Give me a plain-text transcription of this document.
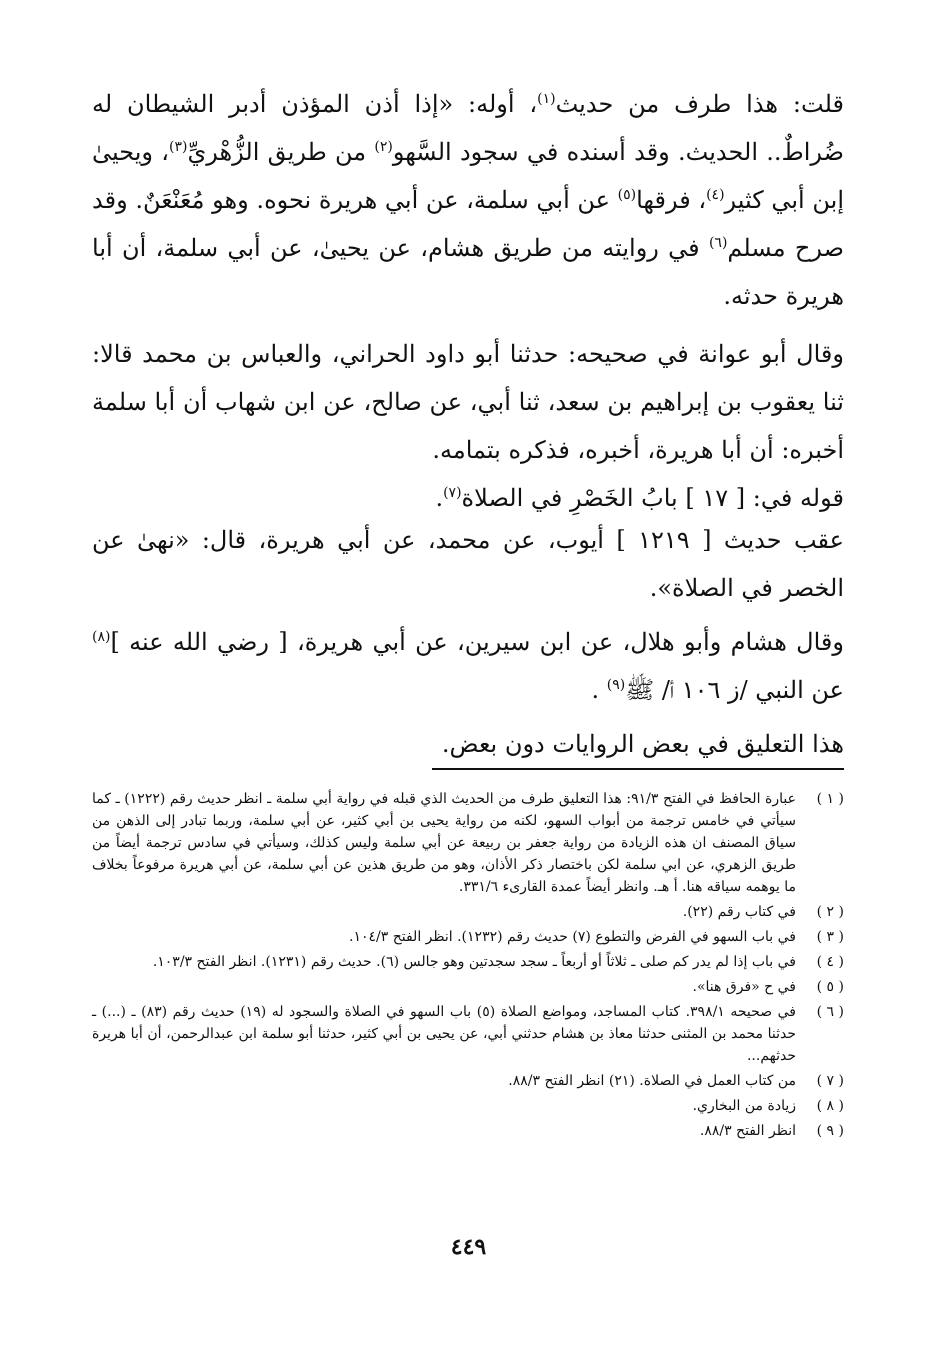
قلت: هذا طرف من حديث$^{(١)}$، أوله: «إذا أذن المؤذن أدبر الشيطان له ضُراطٌ.. الحديث. وقد أسنده في سجود السَّهو$^{(٢)}$ من طريق الزُّهْريِّ$^{(٣)}$، ويحيىٰ إبن أبي كثير$^{(٤)}$، فرقها$^{(٥)}$ عن أبي سلمة، عن أبي هريرة نحوه. وهو مُعَنْعَنٌ. وقد صرح مسلم$^{(٦)}$ في روايته من طريق هشام، عن يحيىٰ، عن أبي سلمة، أن أبا هريرة حدثه.

وقال أبو عوانة في صحيحه: حدثنا أبو داود الحراني، والعباس بن محمد قالا: ثنا يعقوب بن إبراهيم بن سعد، ثنا أبي، عن صالح، عن ابن شهاب أن أبا سلمة أخبره: أن أبا هريرة، أخبره، فذكره بتمامه.

قوله في: [ ١٧ ] بابُ الخَصْرِ في الصلاة$^{(٧)}$.

عقب حديث [ ١٢١٩ ] أيوب، عن محمد، عن أبي هريرة، قال: «نهىٰ عن الخصر في الصلاة».

وقال هشام وأبو هلال، عن ابن سيرين، عن أبي هريرة، [ رضي الله عنه ]$^{(٨)}$ عن النبي /ز ١٠٦ أ/ ﷺ$^{(٩)}$ .

هذا التعليق في بعض الروايات دون بعض.

( ١ )
عبارة الحافظ في الفتح ٩١/٣: هذا التعليق طرف من الحديث الذي قبله في رواية أبي سلمة ـ انظر حديث رقم (١٢٢٢) ـ كما سيأتي في خامس ترجمة من أبواب السهو، لكنه من رواية يحيى بن أبي كثير، عن أبي سلمة، وربما تبادر إلى الذهن من سياق المصنف ان هذه الزيادة من رواية جعفر بن ربيعة عن أبي سلمة وليس كذلك، وسيأتي في سادس ترجمة أيضاً من طريق الزهري، عن ابي سلمة لكن باختصار ذكر الأذان، وهو من طريق هذين عن أبي سلمة، عن أبي هريرة مرفوعاً بخلاف ما يوهمه سياقه هنا. أ هـ. وانظر أيضاً عمدة القارىء ٣٣١/٦.
( ٢ )
في كتاب رقم (٢٢).
( ٣ )
في باب السهو في الفرض والتطوع (٧) حديث رقم (١٢٣٢). انظر الفتح ١٠٤/٣.
( ٤ )
في باب إذا لم يدر كم صلى ـ ثلاثاً أو أربعاً ـ سجد سجدتين وهو جالس (٦). حديث رقم (١٢٣١). انظر الفتح ١٠٣/٣.
( ٥ )
في ح «فرق هنا».
( ٦ )
في صحيحه ٣٩٨/١. كتاب المساجد، ومواضع الصلاة (٥) باب السهو في الصلاة والسجود له (١٩) حديث رقم (٨٣) ـ (...) ـ حدثنا محمد بن المثنى حدثنا معاذ بن هشام حدثني أبي، عن يحيى بن أبي كثير، حدثنا أبو سلمة ابن عبدالرحمن، أن أبا هريرة حدثهم...
( ٧ )
من كتاب العمل في الصلاة. (٢١) انظر الفتح ٨٨/٣.
( ٨ )
زيادة من البخاري.
( ٩ )
انظر الفتح ٨٨/٣.
٤٤٩
